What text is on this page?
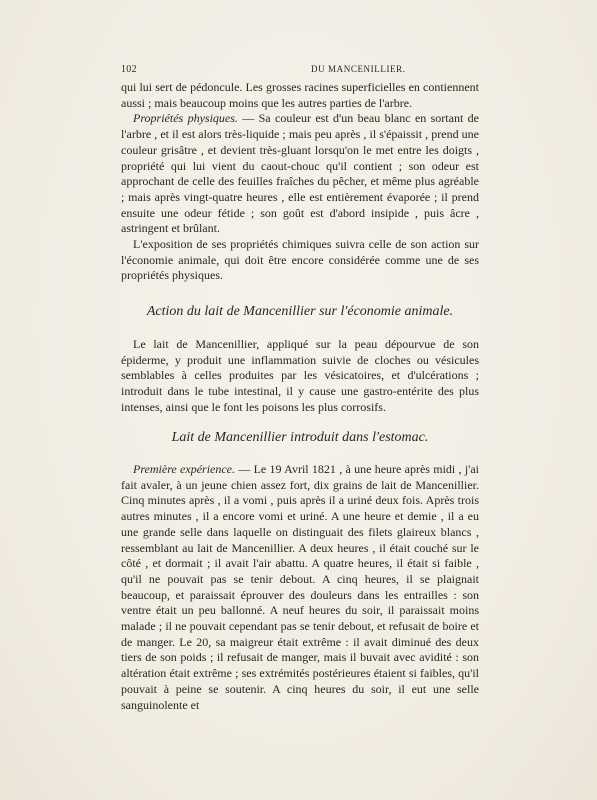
102	DU MANCENILLIER.

qui lui sert de pédoncule. Les grosses racines superficielles en contiennent aussi ; mais beaucoup moins que les autres parties de l'arbre.

Propriétés physiques. — Sa couleur est d'un beau blanc en sortant de l'arbre , et il est alors très-liquide ; mais peu après , il s'épaissit , prend une couleur grisâtre , et devient très-gluant lorsqu'on le met entre les doigts , propriété qui lui vient du caout-chouc qu'il contient ; son odeur est approchant de celle des feuilles fraîches du pêcher, et même plus agréable ; mais après vingt-quatre heures , elle est entièrement évaporée ; il prend ensuite une odeur fétide ; son goût est d'abord insipide , puis âcre , astringent et brûlant.

L'exposition de ses propriétés chimiques suivra celle de son action sur l'économie animale, qui doit être encore considérée comme une de ses propriétés physiques.

Action du lait de Mancenillier sur l'économie animale.

Le lait de Mancenillier, appliqué sur la peau dépourvue de son épiderme, y produit une inflammation suivie de cloches ou vésicules semblables à celles produites par les vésicatoires, et d'ulcérations ; introduit dans le tube intestinal, il y cause une gastro-entérite des plus intenses, ainsi que le font les poisons les plus corrosifs.

Lait de Mancenillier introduit dans l'estomac.

Première expérience. — Le 19 Avril 1821 , à une heure après midi , j'ai fait avaler, à un jeune chien assez fort, dix grains de lait de Mancenillier. Cinq minutes après , il a vomi , puis après il a uriné deux fois. Après trois autres minutes , il a encore vomi et uriné. A une heure et demie , il a eu une grande selle dans laquelle on distinguait des filets glaireux blancs , ressemblant au lait de Mancenillier. A deux heures , il était couché sur le côté , et dormait ; il avait l'air abattu. A quatre heures, il était si faible , qu'il ne pouvait pas se tenir debout. A cinq heures, il se plaignait beaucoup, et paraissait éprouver des douleurs dans les entrailles : son ventre était un peu ballonné. A neuf heures du soir, il paraissait moins malade ; il ne pouvait cependant pas se tenir debout, et refusait de boire et de manger. Le 20, sa maigreur était extrême : il avait diminué des deux tiers de son poids ; il refusait de manger, mais il buvait avec avidité : son altération était extrême ; ses extrémités postérieures étaient si faibles, qu'il pouvait à peine se soutenir. A cinq heures du soir, il eut une selle sanguinolente et
